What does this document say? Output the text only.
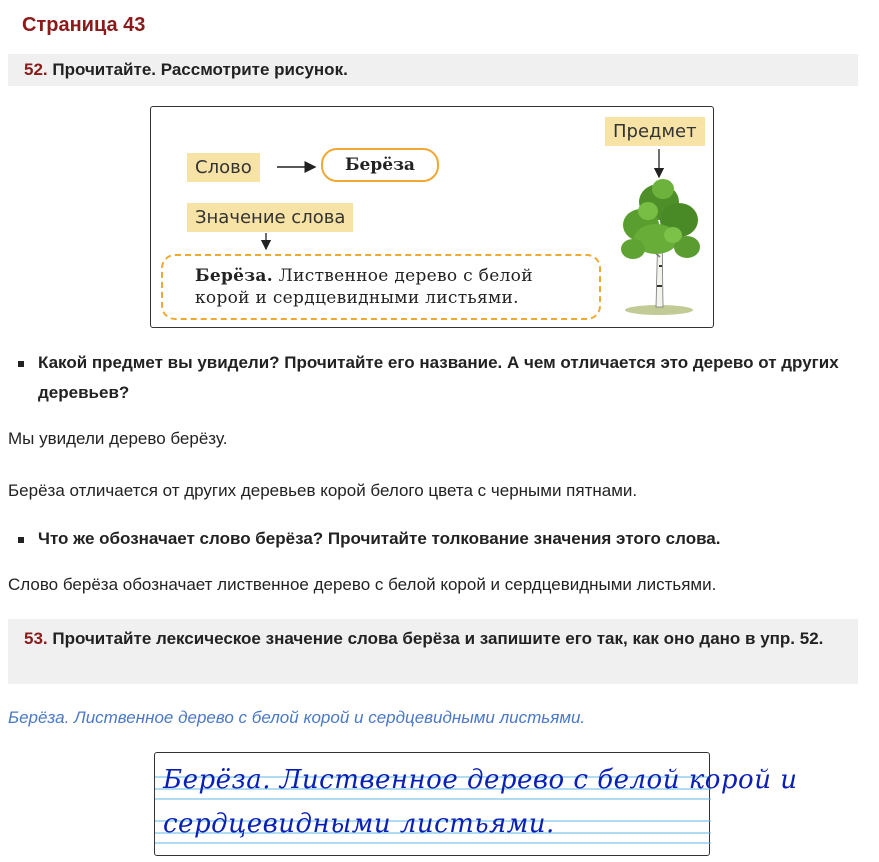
Страница 43
52. Прочитайте. Рассмотрите рисунок.
Слово	Берёза
Значение слова
Берёза. Лиственное дерево с белой корой и сердцевидными листьями.
Предмет
Какой предмет вы увидели? Прочитайте его название. А чем отличается это дерево от других деревьев?
Мы увидели дерево берёзу.
Берёза отличается от других деревьев корой белого цвета с черными пятнами.
Что же обозначает слово берёза? Прочитайте толкование значения этого слова.
Слово берёза обозначает лиственное дерево с белой корой и сердцевидными листьями.
53. Прочитайте лексическое значение слова берёза и запишите его так, как оно дано в упр. 52.
Берёза. Лиственное дерево с белой корой и сердцевидными листьями.
Берёза. Лиственное дерево с белой корой и
сердцевидными листьями.
